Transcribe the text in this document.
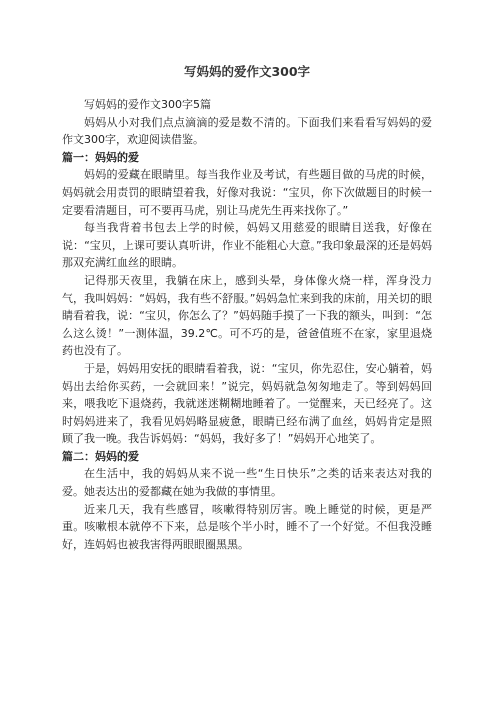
写妈妈的爱作文300字
写妈妈的爱作文300字5篇
妈妈从小对我们点点滴滴的爱是数不清的。下面我们来看看写妈妈的爱作文300字，欢迎阅读借鉴。
篇一：妈妈的爱
妈妈的爱藏在眼睛里。每当我作业及考试，有些题目做的马虎的时候，妈妈就会用责罚的眼睛望着我，好像对我说：“宝贝，你下次做题目的时候一定要看清题目，可不要再马虎，别让马虎先生再来找你了。”
每当我背着书包去上学的时候，妈妈又用慈爱的眼睛目送我，好像在说：“宝贝，上课可要认真听讲，作业不能粗心大意。”我印象最深的还是妈妈那双充满红血丝的眼睛。
记得那天夜里，我躺在床上，感到头晕，身体像火烧一样，浑身没力气，我叫妈妈：“妈妈，我有些不舒服。”妈妈急忙来到我的床前，用关切的眼睛看着我，说：“宝贝，你怎么了？”妈妈随手摸了一下我的额头，叫到：“怎么这么烫！”一测体温，39.2℃。可不巧的是，爸爸值班不在家，家里退烧药也没有了。
于是，妈妈用安抚的眼睛看着我，说：“宝贝，你先忍住，安心躺着，妈妈出去给你买药，一会就回来！”说完，妈妈就急匆匆地走了。等到妈妈回来，喂我吃下退烧药，我就迷迷糊糊地睡着了。一觉醒来，天已经亮了。这时妈妈进来了，我看见妈妈略显疲惫，眼睛已经布满了血丝，妈妈肯定是照顾了我一晚。我告诉妈妈：“妈妈，我好多了！”妈妈开心地笑了。
篇二：妈妈的爱
在生活中，我的妈妈从来不说一些“生日快乐”之类的话来表达对我的爱。她表达出的爱都藏在她为我做的事情里。
近来几天，我有些感冒，咳嗽得特别厉害。晚上睡觉的时候，更是严重。咳嗽根本就停不下来，总是咳个半小时，睡不了一个好觉。不但我没睡好，连妈妈也被我害得两眼眼圈黑黑。
